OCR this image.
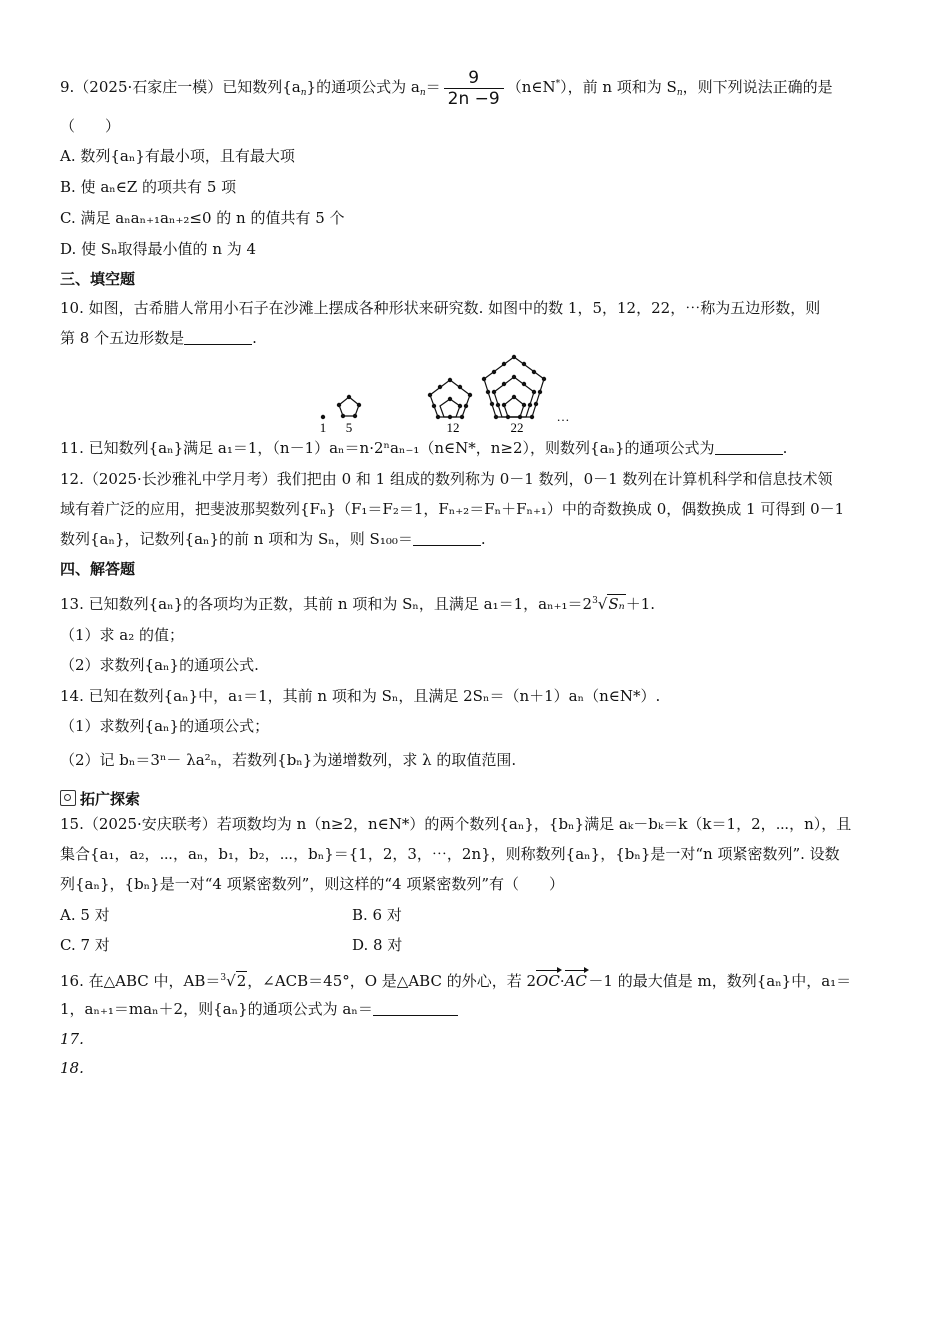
9.（2025·石家庄一模）已知数列$\{a_n\}$的通项公式为 $a_n= \frac{9}{2n -9}$ （n∈N*），前 n 项和为 $S_n$，则下列说法正确的是
（　　）
A. 数列{aₙ}有最小项，且有最大项
B. 使 aₙ∈Z 的项共有 5 项
C. 满足 aₙaₙ₊₁aₙ₊₂≤0 的 n 的值共有 5 个
D. 使 Sₙ取得最小值的 n 为 4
三、填空题
10. 如图，古希腊人常用小石子在沙滩上摆成各种形状来研究数. 如图中的数 1，5，12，22，⋯称为五边形数，则
第 8 个五边形数是	.
11. 已知数列{aₙ}满足 a₁＝1，（n－1）aₙ＝n·2ⁿaₙ₋₁（n∈N*，n≥2），则数列{aₙ}的通项公式为	.
12.（2025·长沙雅礼中学月考）我们把由 0 和 1 组成的数列称为 0－1 数列，0－1 数列在计算机科学和信息技术领
域有着广泛的应用，把斐波那契数列{Fₙ}（F₁＝F₂＝1，Fₙ₊₂＝Fₙ＋Fₙ₊₁）中的奇数换成 0，偶数换成 1 可得到 0－1
数列{aₙ}，记数列{aₙ}的前 n 项和为 Sₙ，则 S₁₀₀＝	.
四、解答题
13. 已知数列{aₙ}的各项均为正数，其前 n 项和为 Sₙ，且满足 a₁＝1，$a_{n+1}=2^3√S_n+1$.
（1）求 a₂ 的值；
（2）求数列{aₙ}的通项公式.
14. 已知在数列{aₙ}中，a₁＝1，其前 n 项和为 Sₙ，且满足 2Sₙ＝（n＋1）aₙ（n∈N*）.
（1）求数列{aₙ}的通项公式；
（2）记 bₙ＝3ⁿ－ λa²ₙ，若数列{bₙ}为递增数列，求 λ 的取值范围.
拓广探索
15.（2025·安庆联考）若项数均为 n（n≥2，n∈N*）的两个数列{aₙ}，{bₙ}满足 aₖ－bₖ＝k（k＝1，2，⋯，n），且
集合{a₁，a₂，⋯，aₙ，b₁，b₂，⋯，bₙ}＝{1，2，3，⋯，2n}，则称数列{aₙ}，{bₙ}是一对“n 项紧密数列”. 设数
列{aₙ}，{bₙ}是一对“4 项紧密数列”，则这样的“4 项紧密数列”有（　　）
A. 5 对	B. 6 对
C. 7 对	D. 8 对
16. 在△ABC 中，AB＝$^3$√2，∠ACB＝45°，O 是△ABC 的外心，若 2OC·AC  －1 的最大值是 m，数列{aₙ}中，a₁＝
1，aₙ₊₁＝maₙ＋2，则{aₙ}的通项公式为 aₙ＝
17.
18.
1 5	12	22
…
